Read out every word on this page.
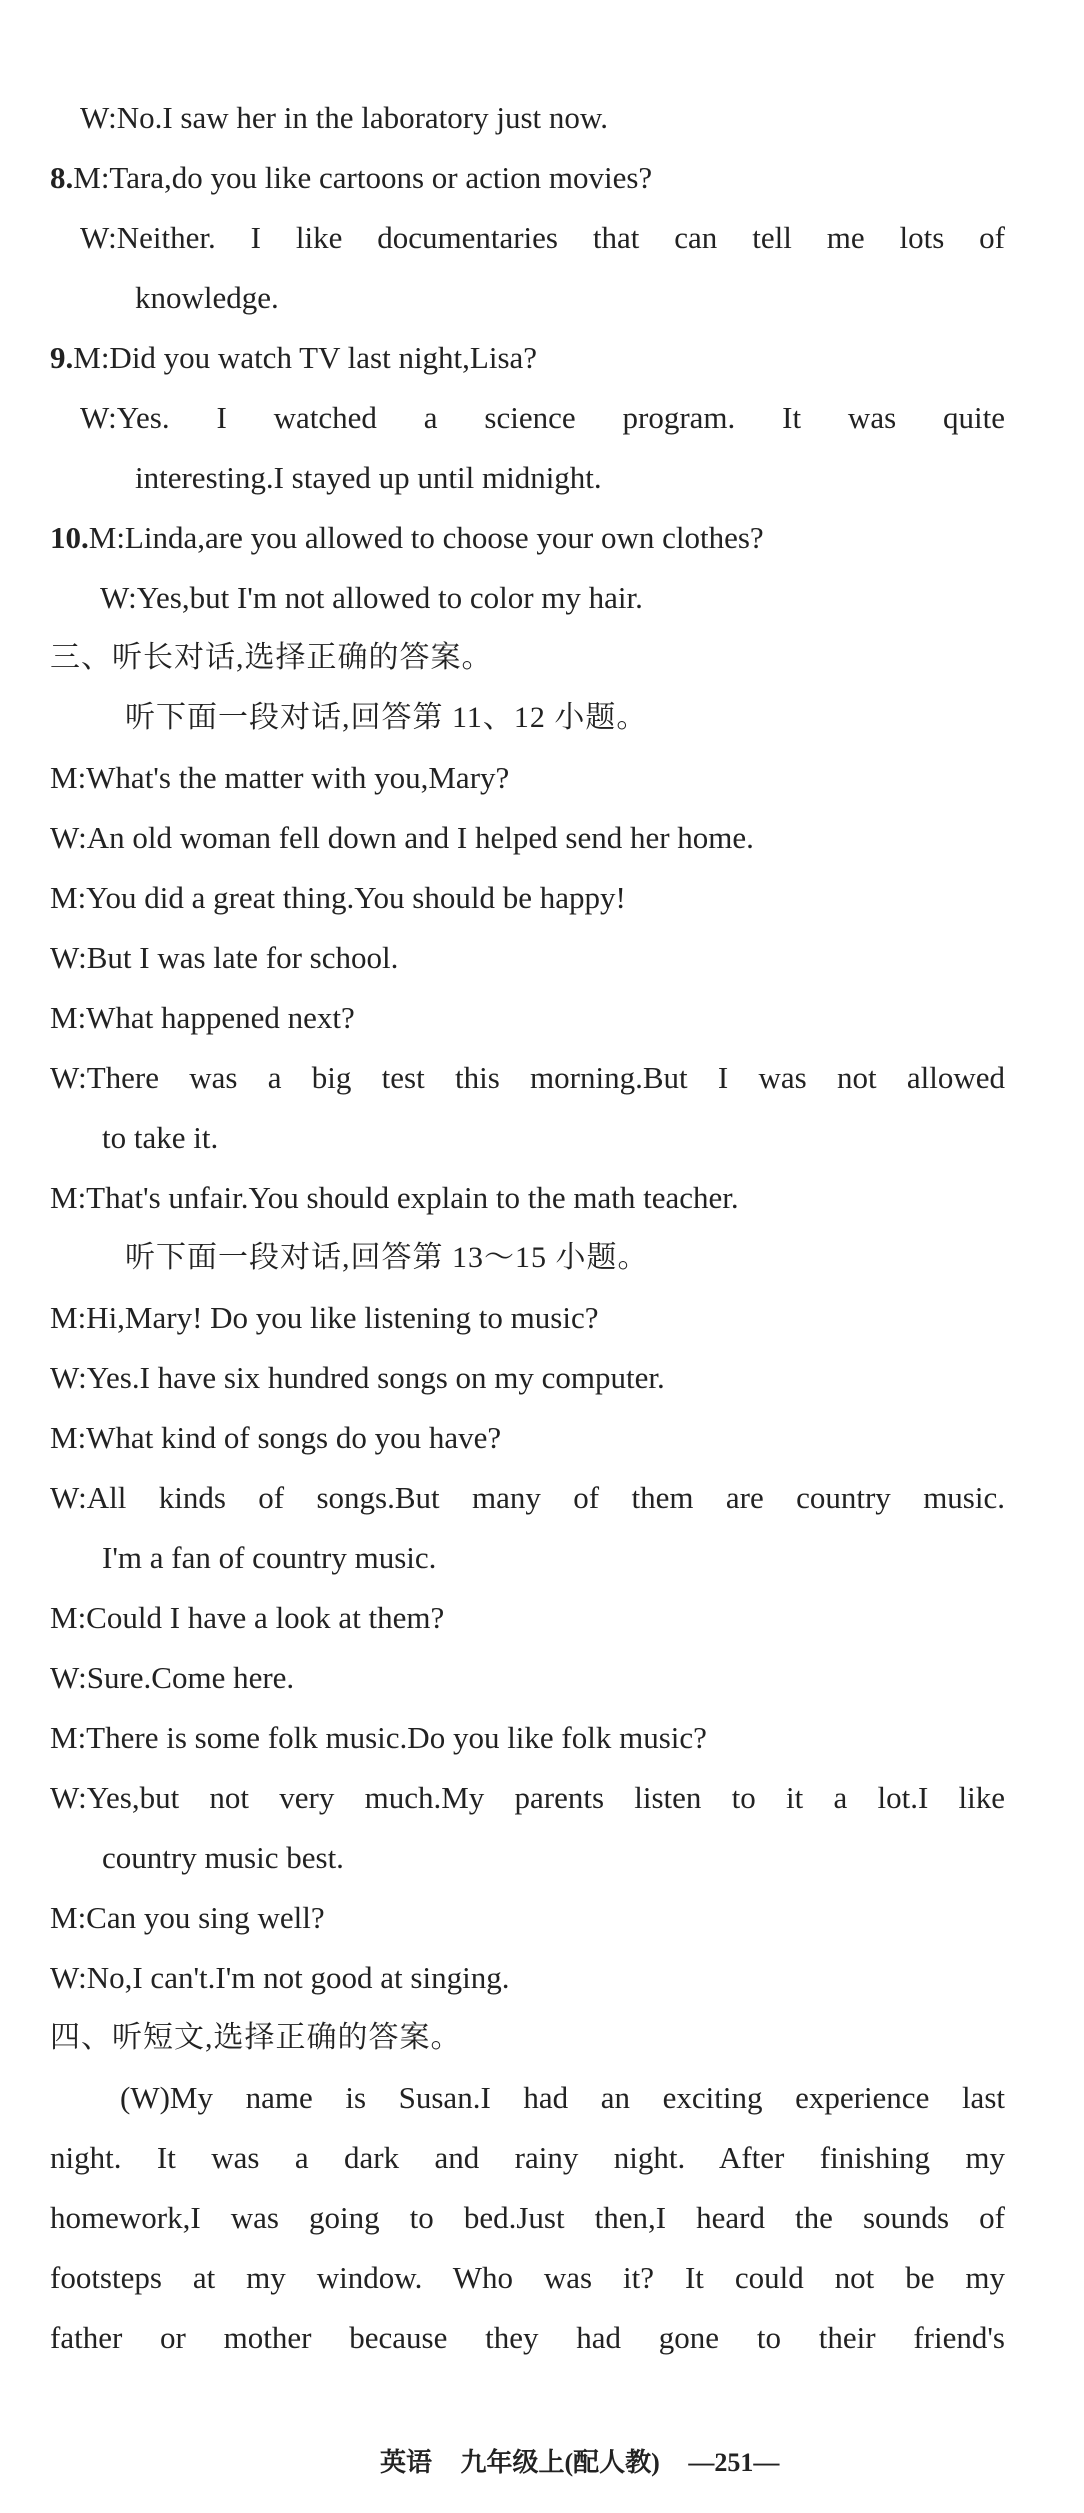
W:No.I saw her in the laboratory just now.
8.M:Tara,do you like cartoons or action movies?
W:Neither. I like documentaries that can tell me lots of
knowledge.
9.M:Did you watch TV last night,Lisa?
W:Yes. I watched a science program. It was quite
interesting.I stayed up until midnight.
10.M:Linda,are you allowed to choose your own clothes?
W:Yes,but I'm not allowed to color my hair.
三、听长对话,选择正确的答案。
听下面一段对话,回答第 11、12 小题。
M:What's the matter with you,Mary?
W:An old woman fell down and I helped send her home.
M:You did a great thing.You should be happy!
W:But I was late for school.
M:What happened next?
W:There was a big test this morning.But I was not allowed
to take it.
M:That's unfair.You should explain to the math teacher.
听下面一段对话,回答第 13～15 小题。
M:Hi,Mary! Do you like listening to music?
W:Yes.I have six hundred songs on my computer.
M:What kind of songs do you have?
W:All kinds of songs.But many of them are country music.
I'm a fan of country music.
M:Could I have a look at them?
W:Sure.Come here.
M:There is some folk music.Do you like folk music?
W:Yes,but not very much.My parents listen to it a lot.I like
country music best.
M:Can you sing well?
W:No,I can't.I'm not good at singing.
四、听短文,选择正确的答案。
(W)My name is Susan.I had an exciting experience last
night. It was a dark and rainy night. After finishing my
homework,I was going to bed.Just then,I heard the sounds of
footsteps at my window. Who was it? It could not be my
father or mother because they had gone to their friend's
英语 九年级上(配人教) —251—
